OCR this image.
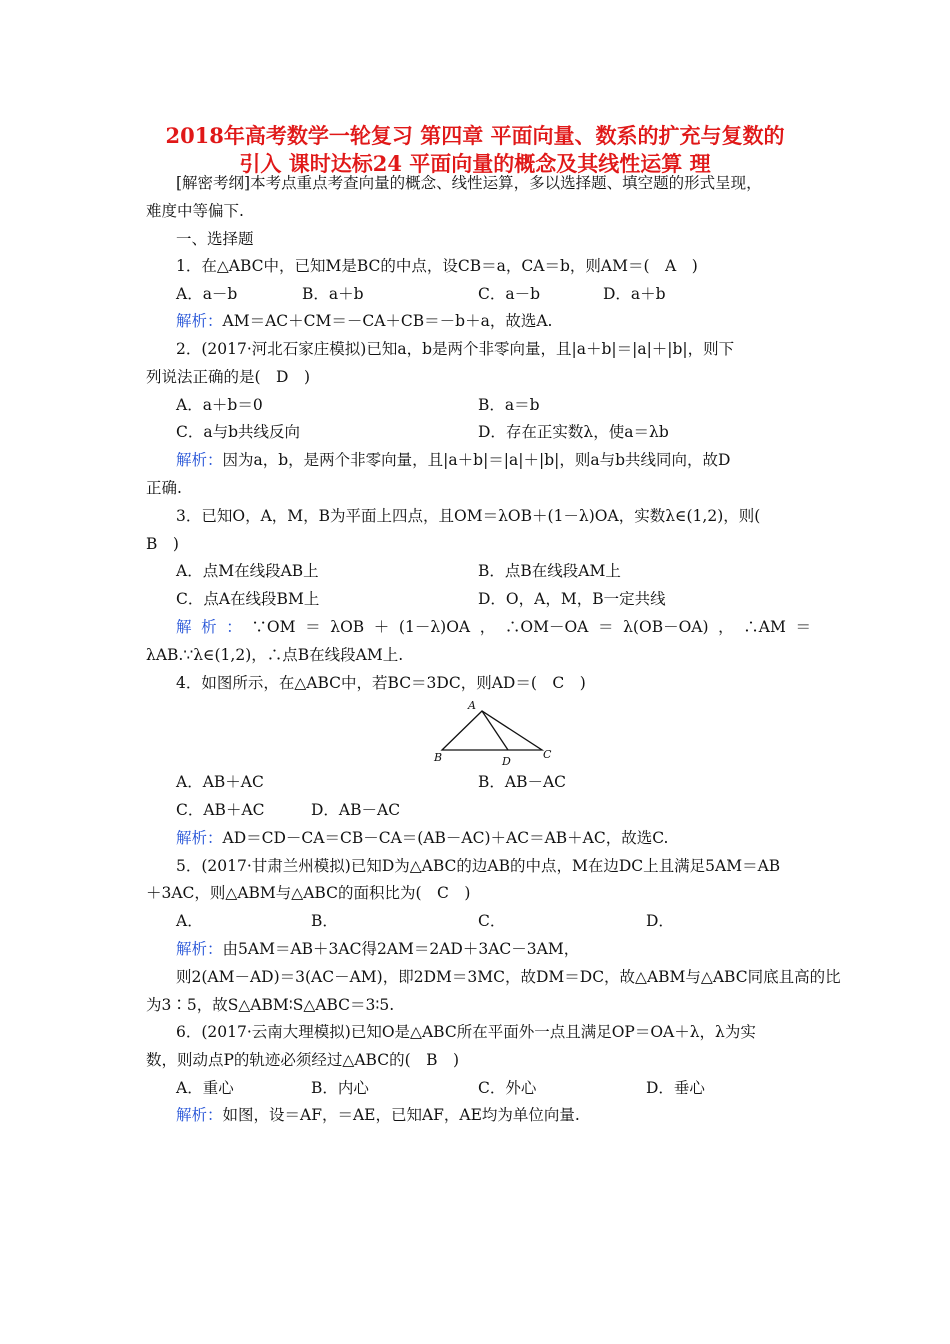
2018年高考数学一轮复习 第四章 平面向量、数系的扩充与复数的
引入 课时达标24 平面向量的概念及其线性运算 理
[解密考纲]本考点重点考查向量的概念、线性运算，多以选择题、填空题的形式呈现，
难度中等偏下.
一、选择题
1．在△ABC中，已知M是BC的中点，设CB＝a，CA＝b，则AM＝(　A　)
A．a－b	B．a＋b	C．a－b	D．a＋b
解析：AM＝AC＋CM＝－CA＋CB＝－b＋a，故选A.
2．(2017·河北石家庄模拟)已知a，b是两个非零向量，且|a＋b|＝|a|＋|b|，则下
列说法正确的是(　D　)
A．a＋b＝0	B．a＝b
C．a与b共线反向	D．存在正实数λ，使a＝λb
解析：因为a，b，是两个非零向量，且|a＋b|＝|a|＋|b|，则a与b共线同向，故D
正确.
3．已知O，A，M，B为平面上四点，且OM＝λOB＋(1－λ)OA，实数λ∈(1,2)，则(
B　)
A．点M在线段AB上	B．点B在线段AM上
C．点A在线段BM上	D．O，A，M，B一定共线
解析：∵OM＝λOB＋(1－λ)OA，∴OM－OA＝λ(OB－OA)，∴AM＝
λAB.∵λ∈(1,2)，∴点B在线段AM上.
4．如图所示，在△ABC中，若BC＝3DC，则AD＝(　C　)
A
B	D
C
A．AB＋AC	B．AB－AC
C．AB＋AC	D．AB－AC
解析：AD＝CD－CA＝CB－CA＝(AB－AC)＋AC＝AB＋AC，故选C.
5．(2017·甘肃兰州模拟)已知D为△ABC的边AB的中点，M在边DC上且满足5AM＝AB
＋3AC，则△ABM与△ABC的面积比为(　C　)
A．	B．	C．	D．
解析：由5AM＝AB＋3AC得2AM＝2AD＋3AC－3AM，
则2(AM－AD)＝3(AC－AM)，即2DM＝3MC，故DM＝DC，故△ABM与△ABC同底且高的比
为3∶5，故S△ABM∶S△ABC＝3∶5.
6．(2017·云南大理模拟)已知O是△ABC所在平面外一点且满足OP＝OA＋λ，λ为实
数，则动点P的轨迹必须经过△ABC的(　B　)
A．重心	B．内心	C．外心	D．垂心
解析：如图，设＝AF，＝AE，已知AF，AE均为单位向量.
